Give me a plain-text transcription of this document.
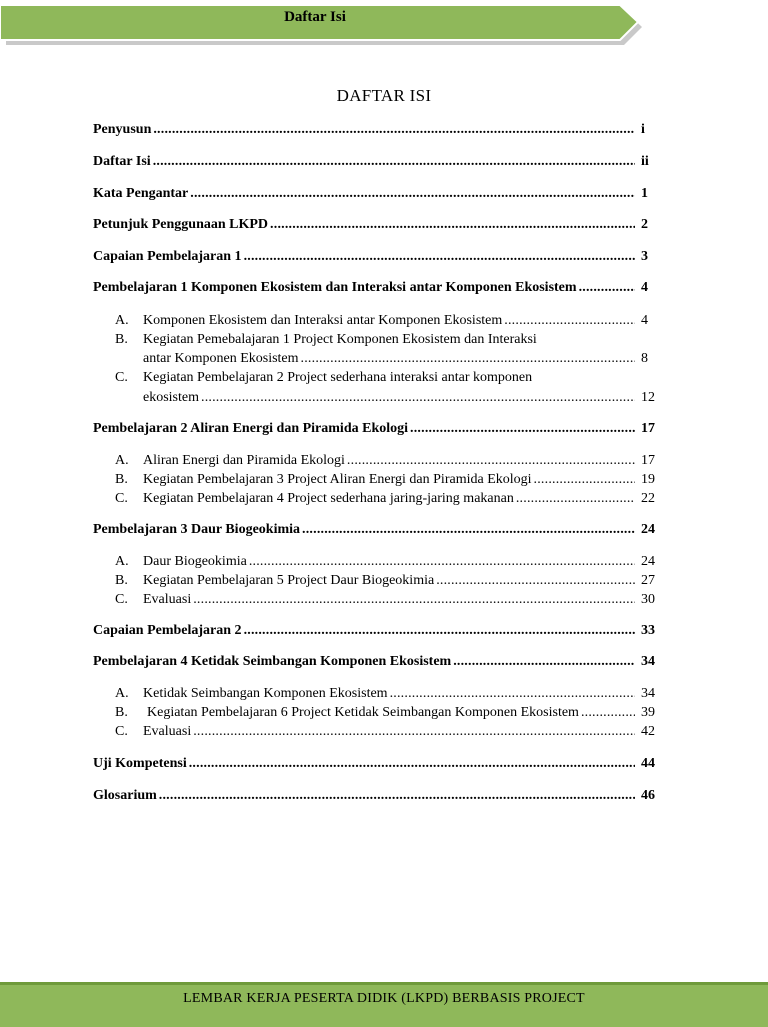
Daftar Isi
DAFTAR ISI
Penyusun .....	i
Daftar Isi .....	ii
Kata Pengantar .....	1
Petunjuk Penggunaan LKPD .....	2
Capaian Pembelajaran 1 .....	3
Pembelajaran 1 Komponen Ekosistem dan Interaksi antar Komponen Ekosistem .....	4
A. Komponen Ekosistem dan Interaksi antar Komponen Ekosistem .....	4
B. Kegiatan Pemebalajaran 1 Project Komponen Ekosistem dan Interaksi
antar Komponen Ekosistem .....	8
C. Kegiatan Pembelajaran 2 Project sederhana interaksi antar komponen
ekosistem .....	12
Pembelajaran 2 Aliran Energi dan Piramida Ekologi .....	17
A. Aliran Energi dan Piramida Ekologi .....	17
B. Kegiatan Pembelajaran 3 Project Aliran Energi dan Piramida Ekologi .....	19
C. Kegiatan Pembelajaran 4 Project sederhana jaring-jaring makanan .....	22
Pembelajaran 3 Daur Biogeokimia .....	24
A. Daur Biogeokimia .....	24
B. Kegiatan Pembelajaran 5 Project Daur Biogeokimia .....	27
C. Evaluasi .....	30
Capaian Pembelajaran 2 .....	33
Pembelajaran 4 Ketidak Seimbangan Komponen Ekosistem .....	34
A. Ketidak Seimbangan Komponen Ekosistem .....	34
B. Kegiatan Pembelajaran 6 Project Ketidak Seimbangan Komponen Ekosistem .....	39
C. Evaluasi .....	42
Uji Kompetensi .....	44
Glosarium .....	46
LEMBAR KERJA PESERTA DIDIK (LKPD) BERBASIS PROJECT
